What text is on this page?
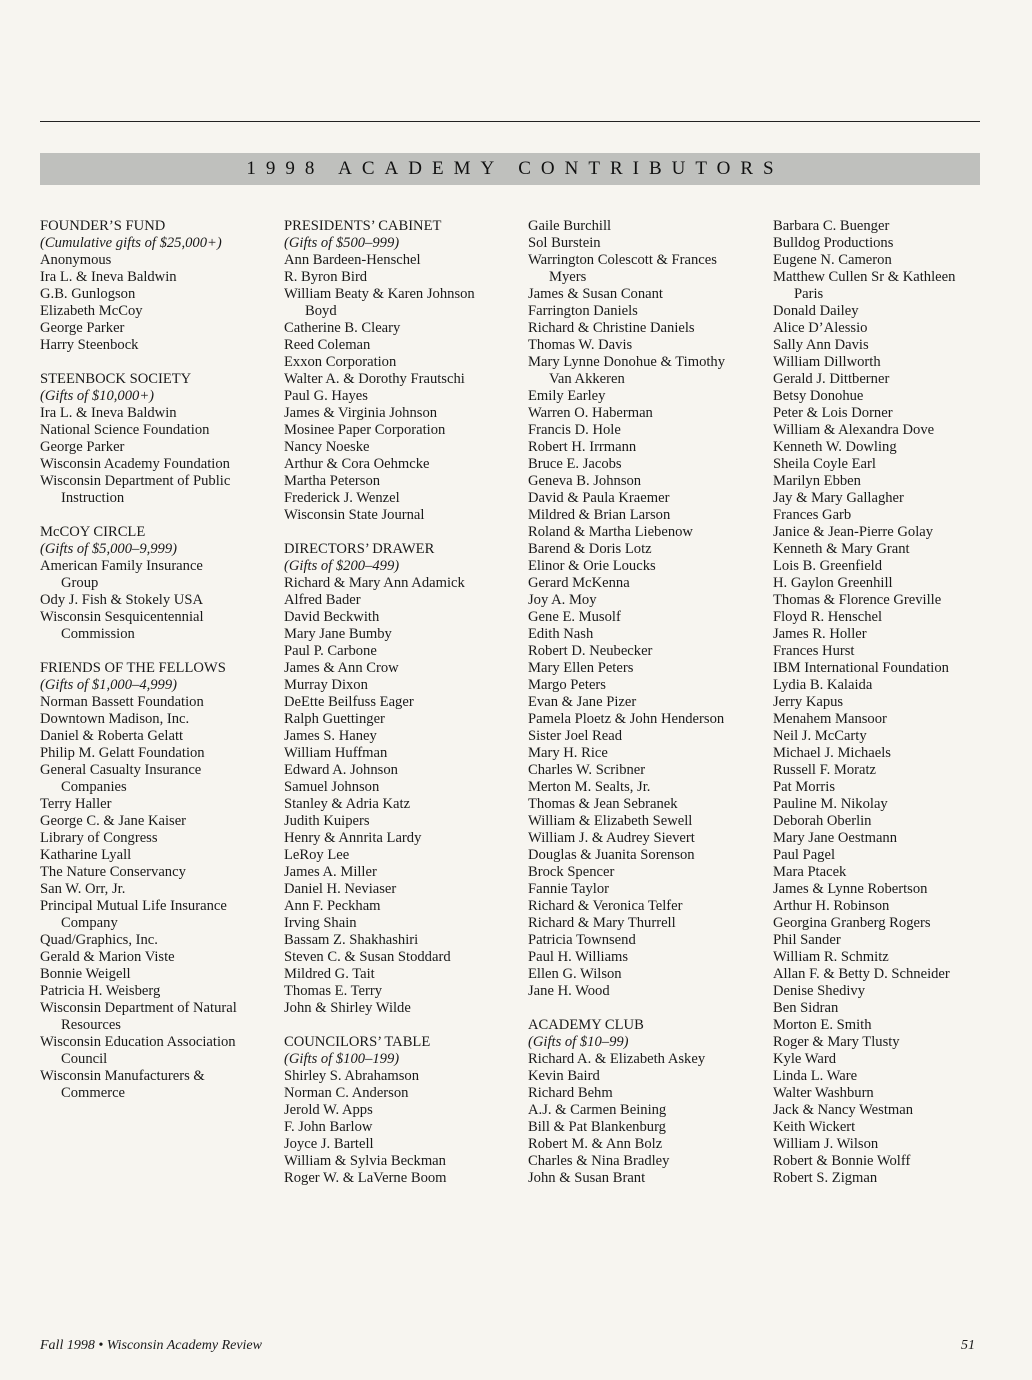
1998 ACADEMY CONTRIBUTORS
FOUNDER’S FUND
(Cumulative gifts of $25,000+)
Anonymous
Ira L. & Ineva Baldwin
G.B. Gunlogson
Elizabeth McCoy
George Parker
Harry Steenbock
STEENBOCK SOCIETY
(Gifts of $10,000+)
Ira L. & Ineva Baldwin
National Science Foundation
George Parker
Wisconsin Academy Foundation
Wisconsin Department of Public
Instruction
McCOY CIRCLE
(Gifts of $5,000–9,999)
American Family Insurance
Group
Ody J. Fish & Stokely USA
Wisconsin Sesquicentennial
Commission
FRIENDS OF THE FELLOWS
(Gifts of $1,000–4,999)
Norman Bassett Foundation
Downtown Madison, Inc.
Daniel & Roberta Gelatt
Philip M. Gelatt Foundation
General Casualty Insurance
Companies
Terry Haller
George C. & Jane Kaiser
Library of Congress
Katharine Lyall
The Nature Conservancy
San W. Orr, Jr.
Principal Mutual Life Insurance
Company
Quad/Graphics, Inc.
Gerald & Marion Viste
Bonnie Weigell
Patricia H. Weisberg
Wisconsin Department of Natural
Resources
Wisconsin Education Association
Council
Wisconsin Manufacturers &
Commerce
PRESIDENTS’ CABINET
(Gifts of $500–999)
Ann Bardeen-Henschel
R. Byron Bird
William Beaty & Karen Johnson
Boyd
Catherine B. Cleary
Reed Coleman
Exxon Corporation
Walter A. & Dorothy Frautschi
Paul G. Hayes
James & Virginia Johnson
Mosinee Paper Corporation
Nancy Noeske
Arthur & Cora Oehmcke
Martha Peterson
Frederick J. Wenzel
Wisconsin State Journal
DIRECTORS’ DRAWER
(Gifts of $200–499)
Richard & Mary Ann Adamick
Alfred Bader
David Beckwith
Mary Jane Bumby
Paul P. Carbone
James & Ann Crow
Murray Dixon
DeEtte Beilfuss Eager
Ralph Guettinger
James S. Haney
William Huffman
Edward A. Johnson
Samuel Johnson
Stanley & Adria Katz
Judith Kuipers
Henry & Annrita Lardy
LeRoy Lee
James A. Miller
Daniel H. Neviaser
Ann F. Peckham
Irving Shain
Bassam Z. Shakhashiri
Steven C. & Susan Stoddard
Mildred G. Tait
Thomas E. Terry
John & Shirley Wilde
COUNCILORS’ TABLE
(Gifts of $100–199)
Shirley S. Abrahamson
Norman C. Anderson
Jerold W. Apps
F. John Barlow
Joyce J. Bartell
William & Sylvia Beckman
Roger W. & LaVerne Boom
Gaile Burchill
Sol Burstein
Warrington Colescott & Frances
Myers
James & Susan Conant
Farrington Daniels
Richard & Christine Daniels
Thomas W. Davis
Mary Lynne Donohue & Timothy
Van Akkeren
Emily Earley
Warren O. Haberman
Francis D. Hole
Robert H. Irrmann
Bruce E. Jacobs
Geneva B. Johnson
David & Paula Kraemer
Mildred & Brian Larson
Roland & Martha Liebenow
Barend & Doris Lotz
Elinor & Orie Loucks
Gerard McKenna
Joy A. Moy
Gene E. Musolf
Edith Nash
Robert D. Neubecker
Mary Ellen Peters
Margo Peters
Evan & Jane Pizer
Pamela Ploetz & John Henderson
Sister Joel Read
Mary H. Rice
Charles W. Scribner
Merton M. Sealts, Jr.
Thomas & Jean Sebranek
William & Elizabeth Sewell
William J. & Audrey Sievert
Douglas & Juanita Sorenson
Brock Spencer
Fannie Taylor
Richard & Veronica Telfer
Richard & Mary Thurrell
Patricia Townsend
Paul H. Williams
Ellen G. Wilson
Jane H. Wood
ACADEMY CLUB
(Gifts of $10–99)
Richard A. & Elizabeth Askey
Kevin Baird
Richard Behm
A.J. & Carmen Beining
Bill & Pat Blankenburg
Robert M. & Ann Bolz
Charles & Nina Bradley
John & Susan Brant
Barbara C. Buenger
Bulldog Productions
Eugene N. Cameron
Matthew Cullen Sr & Kathleen
Paris
Donald Dailey
Alice D’Alessio
Sally Ann Davis
William Dillworth
Gerald J. Dittberner
Betsy Donohue
Peter & Lois Dorner
William & Alexandra Dove
Kenneth W. Dowling
Sheila Coyle Earl
Marilyn Ebben
Jay & Mary Gallagher
Frances Garb
Janice & Jean-Pierre Golay
Kenneth & Mary Grant
Lois B. Greenfield
H. Gaylon Greenhill
Thomas & Florence Greville
Floyd R. Henschel
James R. Holler
Frances Hurst
IBM International Foundation
Lydia B. Kalaida
Jerry Kapus
Menahem Mansoor
Neil J. McCarty
Michael J. Michaels
Russell F. Moratz
Pat Morris
Pauline M. Nikolay
Deborah Oberlin
Mary Jane Oestmann
Paul Pagel
Mara Ptacek
James & Lynne Robertson
Arthur H. Robinson
Georgina Granberg Rogers
Phil Sander
William R. Schmitz
Allan F. & Betty D. Schneider
Denise Shedivy
Ben Sidran
Morton E. Smith
Roger & Mary Tlusty
Kyle Ward
Linda L. Ware
Walter Washburn
Jack & Nancy Westman
Keith Wickert
William J. Wilson
Robert & Bonnie Wolff
Robert S. Zigman
Fall 1998 • Wisconsin Academy Review	51
